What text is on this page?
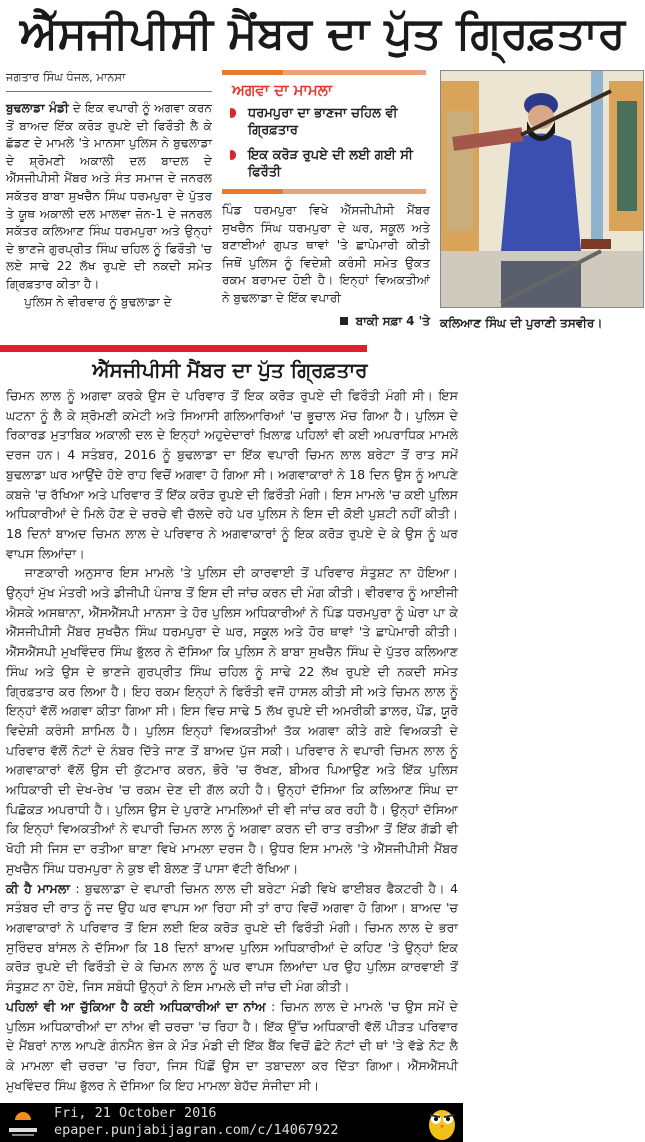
ਐੱਸਜੀਪੀਸੀ ਮੈਂਬਰ ਦਾ ਪੁੱਤ ਗ੍ਰਿਫ਼ਤਾਰ
ਜਗਤਾਰ ਸਿੰਘ ਧੰਜਲ, ਮਾਨਸਾ

ਬੁਢਲਾਡਾ ਮੰਡੀ ਦੇ ਇਕ ਵਪਾਰੀ ਨੂੰ ਅਗਵਾ ਕਰਨ ਤੋਂ ਬਾਅਦ ਇੱਕ ਕਰੋੜ ਰੁਪਏ ਦੀ ਫਿਰੌਤੀ ਲੈ ਕੇ ਛੱਡਣ ਦੇ ਮਾਮਲੇ 'ਤੇ ਮਾਨਸਾ ਪੁਲਿਸ ਨੇ ਬੁਢਲਾਡਾ ਦੇ ਸ਼੍ਰੋਮਣੀ ਅਕਾਲੀ ਦਲ ਬਾਦਲ ਦੇ ਐੱਸਜੀਪੀਸੀ ਮੈਂਬਰ ਅਤੇ ਸੰਤ ਸਮਾਜ ਦੇ ਜਨਰਲ ਸਕੱਤਰ ਬਾਬਾ ਸੁਖਚੈਨ ਸਿੰਘ ਧਰਮਪੁਰਾ ਦੇ ਪੁੱਤਰ ਤੇ ਯੂਥ ਅਕਾਲੀ ਦਲ ਮਾਲਵਾ ਜ਼ੋਨ-1 ਦੇ ਜਨਰਲ ਸਕੱਤਰ ਕਲਿਆਣ ਸਿੰਘ ਧਰਮਪੁਰਾ ਅਤੇ ਉਨ੍ਹਾਂ ਦੇ ਭਾਣਜੇ ਗੁਰਪ੍ਰੀਤ ਸਿੰਘ ਚਹਿਲ ਨੂੰ ਫਿਰੌਤੀ 'ਚ ਲਏ ਸਾਢੇ 22 ਲੱਖ ਰੁਪਏ ਦੀ ਨਕਦੀ ਸਮੇਤ ਗ੍ਰਿਫ਼ਤਾਰ ਕੀਤਾ ਹੈ।

ਪੁਲਿਸ ਨੇ ਵੀਰਵਾਰ ਨੂੰ ਬੁਢਲਾਡਾ ਦੇ

ਅਗਵਾ ਦਾ ਮਾਮਲਾ
ਧਰਮਪੁਰਾ ਦਾ ਭਾਣਜਾ ਚਹਿਲ ਵੀ ਗ੍ਰਿਫ਼ਤਾਰ
ਇਕ ਕਰੋੜ ਰੁਪਏ ਦੀ ਲਈ ਗਈ ਸੀ ਫਿਰੌਤੀ

ਪਿੰਡ ਧਰਮਪੁਰਾ ਵਿਖੇ ਐੱਸਜੀਪੀਸੀ ਮੈਂਬਰ ਸੁਖਚੈਨ ਸਿੰਘ ਧਰਮਪੁਰਾ ਦੇ ਘਰ, ਸਕੂਲ ਅਤੇ ਬਣਾਈਆਂ ਗੁਪਤ ਥਾਵਾਂ 'ਤੇ ਛਾਪੇਮਾਰੀ ਕੀਤੀ ਜਿਥੋਂ ਪੁਲਿਸ ਨੂੰ ਵਿਦੇਸ਼ੀ ਕਰੰਸੀ ਸਮੇਤ ਉਕਤ ਰਕਮ ਬਰਾਮਦ ਹੋਈ ਹੈ। ਇਨ੍ਹਾਂ ਵਿਅਕਤੀਆਂ ਨੇ ਬੁਢਲਾਡਾ ਦੇ ਇੱਕ ਵਪਾਰੀ

ਬਾਕੀ ਸਫ਼ਾ 4 'ਤੇ ਕਲਿਆਣ ਸਿੰਘ ਦੀ ਪੁਰਾਣੀ ਤਸਵੀਰ।
ਐੱਸਜੀਪੀਸੀ ਮੈਂਬਰ ਦਾ ਪੁੱਤ ਗ੍ਰਿਫ਼ਤਾਰ

ਚਿਮਨ ਲਾਲ ਨੂੰ ਅਗਵਾ ਕਰਕੇ ਉਸ ਦੇ ਪਰਿਵਾਰ ਤੋਂ ਇਕ ਕਰੋੜ ਰੁਪਏ ਦੀ ਫਿਰੌਤੀ ਮੰਗੀ ਸੀ। ਇਸ ਘਟਨਾ ਨੂੰ ਲੈ ਕੇ ਸ਼੍ਰੋਮਣੀ ਕਮੇਟੀ ਅਤੇ ਸਿਆਸੀ ਗਲਿਆਰਿਆਂ 'ਚ ਭੂਚਾਲ ਮੱਚ ਗਿਆ ਹੈ। ਪੁਲਿਸ ਦੇ ਰਿਕਾਰਡ ਮੁਤਾਬਿਕ ਅਕਾਲੀ ਦਲ ਦੇ ਇਨ੍ਹਾਂ ਅਹੁਦੇਦਾਰਾਂ ਖ਼ਿਲਾਫ਼ ਪਹਿਲਾਂ ਵੀ ਕਈ ਅਪਰਾਧਿਕ ਮਾਮਲੇ ਦਰਜ ਹਨ। 4 ਸਤੰਬਰ, 2016 ਨੂੰ ਬੁਢਲਾਡਾ ਦਾ ਇੱਕ ਵਪਾਰੀ ਚਿਮਨ ਲਾਲ ਬਰੇਟਾ ਤੋਂ ਰਾਤ ਸਮੇਂ ਬੁਢਲਾਡਾ ਘਰ ਆਉਂਦੇ ਹੋਏ ਰਾਹ ਵਿਚੋਂ ਅਗਵਾ ਹੋ ਗਿਆ ਸੀ। ਅਗਵਾਕਾਰਾਂ ਨੇ 18 ਦਿਨ ਉਸ ਨੂੰ ਆਪਣੇ ਕਬਜ਼ੇ 'ਚ ਰੱਖਿਆ ਅਤੇ ਪਰਿਵਾਰ ਤੋਂ ਇੱਕ ਕਰੋੜ ਰੁਪਏ ਦੀ ਫ਼ਿਰੌਤੀ ਮੰਗੀ। ਇਸ ਮਾਮਲੇ 'ਚ ਕਈ ਪੁਲਿਸ ਅਧਿਕਾਰੀਆਂ ਦੇ ਮਿਲੇ ਹੋਣ ਦੇ ਚਰਚੇ ਵੀ ਚੱਲਦੇ ਰਹੇ ਪਰ ਪੁਲਿਸ ਨੇ ਇਸ ਦੀ ਕੋਈ ਪੁਸ਼ਟੀ ਨਹੀਂ ਕੀਤੀ। 18 ਦਿਨਾਂ ਬਾਅਦ ਚਿਮਨ ਲਾਲ ਦੇ ਪਰਿਵਾਰ ਨੇ ਅਗਵਾਕਾਰਾਂ ਨੂੰ ਇਕ ਕਰੋੜ ਰੁਪਏ ਦੇ ਕੇ ਉਸ ਨੂੰ ਘਰ ਵਾਪਸ ਲਿਆਂਦਾ।

ਜਾਣਕਾਰੀ ਅਨੁਸਾਰ ਇਸ ਮਾਮਲੇ 'ਤੇ ਪੁਲਿਸ ਦੀ ਕਾਰਵਾਈ ਤੋਂ ਪਰਿਵਾਰ ਸੰਤੁਸ਼ਟ ਨਾ ਹੋਇਆ। ਉਨ੍ਹਾਂ ਮੁੱਖ ਮੰਤਰੀ ਅਤੇ ਡੀਜੀਪੀ ਪੰਜਾਬ ਤੋਂ ਇਸ ਦੀ ਜਾਂਚ ਕਰਨ ਦੀ ਮੰਗ ਕੀਤੀ। ਵੀਰਵਾਰ ਨੂੰ ਆਈਜੀ ਐਸਕੇ ਅਸਥਾਨਾ, ਐੱਸਐੱਸਪੀ ਮਾਨਸਾ ਤੇ ਹੋਰ ਪੁਲਿਸ ਅਧਿਕਾਰੀਆਂ ਨੇ ਪਿੰਡ ਧਰਮਪੁਰਾ ਨੂੰ ਘੇਰਾ ਪਾ ਕੇ ਐੱਸਜੀਪੀਸੀ ਮੈਂਬਰ ਸੁਖਚੈਨ ਸਿੰਘ ਧਰਮਪੁਰਾ ਦੇ ਘਰ, ਸਕੂਲ ਅਤੇ ਹੋਰ ਥਾਵਾਂ 'ਤੇ ਛਾਪੇਮਾਰੀ ਕੀਤੀ। ਐੱਸਐੱਸਪੀ ਮੁਖਵਿੰਦਰ ਸਿੰਘ ਭੁੱਲਰ ਨੇ ਦੱਸਿਆ ਕਿ ਪੁਲਿਸ ਨੇ ਬਾਬਾ ਸੁਖਚੈਨ ਸਿੰਘ ਦੇ ਪੁੱਤਰ ਕਲਿਆਣ ਸਿੰਘ ਅਤੇ ਉਸ ਦੇ ਭਾਣਜੇ ਗੁਰਪ੍ਰੀਤ ਸਿੰਘ ਚਹਿਲ ਨੂੰ ਸਾਢੇ 22 ਲੱਖ ਰੁਪਏ ਦੀ ਨਕਦੀ ਸਮੇਤ ਗ੍ਰਿਫ਼ਤਾਰ ਕਰ ਲਿਆ ਹੈ। ਇਹ ਰਕਮ ਇਨ੍ਹਾਂ ਨੇ ਫਿਰੌਤੀ ਵਜੋਂ ਹਾਸਲ ਕੀਤੀ ਸੀ ਅਤੇ ਚਿਮਨ ਲਾਲ ਨੂੰ ਇਨ੍ਹਾਂ ਵੱਲੋਂ ਅਗਵਾ ਕੀਤਾ ਗਿਆ ਸੀ। ਇਸ ਵਿਚ ਸਾਢੇ 5 ਲੱਖ ਰੁਪਏ ਦੀ ਅਮਰੀਕੀ ਡਾਲਰ, ਪੌਂਡ, ਯੂਰੋ ਵਿਦੇਸ਼ੀ ਕਰੰਸੀ ਸ਼ਾਮਿਲ ਹੈ। ਪੁਲਿਸ ਇਨ੍ਹਾਂ ਵਿਅਕਤੀਆਂ ਤੱਕ ਅਗਵਾ ਕੀਤੇ ਗਏ ਵਿਅਕਤੀ ਦੇ ਪਰਿਵਾਰ ਵੱਲੋਂ ਨੋਟਾਂ ਦੇ ਨੰਬਰ ਦਿੱਤੇ ਜਾਣ ਤੋਂ ਬਾਅਦ ਪੁੱਜ ਸਕੀ। ਪਰਿਵਾਰ ਨੇ ਵਪਾਰੀ ਚਿਮਨ ਲਾਲ ਨੂੰ ਅਗਵਾਕਾਰਾਂ ਵੱਲੋਂ ਉਸ ਦੀ ਕੁੱਟਮਾਰ ਕਰਨ, ਭੋਰੇ 'ਚ ਰੱਖਣ, ਬੀਅਰ ਪਿਆਉਣ ਅਤੇ ਇੱਕ ਪੁਲਿਸ ਅਧਿਕਾਰੀ ਦੀ ਦੇਖ-ਰੇਖ 'ਚ ਰਕਮ ਦੇਣ ਦੀ ਗੱਲ ਕਹੀ ਹੈ। ਉਨ੍ਹਾਂ ਦੱਸਿਆ ਕਿ ਕਲਿਆਣ ਸਿੰਘ ਦਾ ਪਿਛੋਕੜ ਅਪਰਾਧੀ ਹੈ। ਪੁਲਿਸ ਉਸ ਦੇ ਪੁਰਾਣੇ ਮਾਮਲਿਆਂ ਦੀ ਵੀ ਜਾਂਚ ਕਰ ਰਹੀ ਹੈ। ਉਨ੍ਹਾਂ ਦੱਸਿਆ ਕਿ ਇਨ੍ਹਾਂ ਵਿਅਕਤੀਆਂ ਨੇ ਵਪਾਰੀ ਚਿਮਨ ਲਾਲ ਨੂੰ ਅਗਵਾ ਕਰਨ ਦੀ ਰਾਤ ਰਤੀਆ ਤੋਂ ਇੱਕ ਗੱਡੀ ਵੀ ਖੋਹੀ ਸੀ ਜਿਸ ਦਾ ਰਤੀਆ ਥਾਣਾ ਵਿਖੇ ਮਾਮਲਾ ਦਰਜ ਹੈ। ਉਧਰ ਇਸ ਮਾਮਲੇ 'ਤੇ ਐੱਸਜੀਪੀਸੀ ਮੈਂਬਰ ਸੁਖਚੈਨ ਸਿੰਘ ਧਰਮਪੁਰਾ ਨੇ ਕੁਝ ਵੀ ਬੋਲਣ ਤੋਂ ਪਾਸਾ ਵੱਟੀ ਰੱਖਿਆ।

ਕੀ ਹੈ ਮਾਮਲਾ : ਬੁਢਲਾਡਾ ਦੇ ਵਪਾਰੀ ਚਿਮਨ ਲਾਲ ਦੀ ਬਰੇਟਾ ਮੰਡੀ ਵਿਖੇ ਫਾਈਬਰ ਫੈਕਟਰੀ ਹੈ। 4 ਸਤੰਬਰ ਦੀ ਰਾਤ ਨੂੰ ਜਦ ਉਹ ਘਰ ਵਾਪਸ ਆ ਰਿਹਾ ਸੀ ਤਾਂ ਰਾਹ ਵਿਚੋਂ ਅਗਵਾ ਹੋ ਗਿਆ। ਬਾਅਦ 'ਚ ਅਗਵਾਕਾਰਾਂ ਨੇ ਪਰਿਵਾਰ ਤੋਂ ਇਸ ਲਈ ਇਕ ਕਰੋੜ ਰੁਪਏ ਦੀ ਫਿਰੌਤੀ ਮੰਗੀ। ਚਿਮਨ ਲਾਲ ਦੇ ਭਰਾ ਸੁਰਿੰਦਰ ਬਾਂਸਲ ਨੇ ਦੱਸਿਆ ਕਿ 18 ਦਿਨਾਂ ਬਾਅਦ ਪੁਲਿਸ ਅਧਿਕਾਰੀਆਂ ਦੇ ਕਹਿਣ 'ਤੇ ਉਨ੍ਹਾਂ ਇਕ ਕਰੋੜ ਰੁਪਏ ਦੀ ਫਿਰੌਤੀ ਦੇ ਕੇ ਚਿਮਨ ਲਾਲ ਨੂੰ ਘਰ ਵਾਪਸ ਲਿਆਂਦਾ ਪਰ ਉਹ ਪੁਲਿਸ ਕਾਰਵਾਈ ਤੋਂ ਸੰਤੁਸ਼ਟ ਨਾ ਹੋਏ, ਜਿਸ ਸਬੰਧੀ ਉਨ੍ਹਾਂ ਨੇ ਇਸ ਮਾਮਲੇ ਦੀ ਜਾਂਚ ਦੀ ਮੰਗ ਕੀਤੀ।

ਪਹਿਲਾਂ ਵੀ ਆ ਚੁੱਕਿਆ ਹੈ ਕਈ ਅਧਿਕਾਰੀਆਂ ਦਾ ਨਾਂਅ : ਚਿਮਨ ਲਾਲ ਦੇ ਮਾਮਲੇ 'ਚ ਉਸ ਸਮੇਂ ਦੇ ਪੁਲਿਸ ਅਧਿਕਾਰੀਆਂ ਦਾ ਨਾਂਅ ਵੀ ਚਰਚਾ 'ਚ ਰਿਹਾ ਹੈ। ਇੱਕ ਉੱਚ ਅਧਿਕਾਰੀ ਵੱਲੋਂ ਪੀੜਤ ਪਰਿਵਾਰ ਦੇ ਮੈਂਬਰਾਂ ਨਾਲ ਆਪਣੇ ਗੰਨਮੈਨ ਭੇਜ ਕੇ ਮੌੜ ਮੰਡੀ ਦੀ ਇੱਕ ਬੈਂਕ ਵਿਚੋਂ ਛੋਟੇ ਨੋਟਾਂ ਦੀ ਥਾਂ 'ਤੇ ਵੱਡੇ ਨੋਟ ਲੈ ਕੇ ਮਾਮਲਾ ਵੀ ਚਰਚਾ 'ਚ ਰਿਹਾ, ਜਿਸ ਪਿੱਛੋਂ ਉਸ ਦਾ ਤਬਾਦਲਾ ਕਰ ਦਿੱਤਾ ਗਿਆ। ਐੱਸਐੱਸਪੀ ਮੁਖਵਿੰਦਰ ਸਿੰਘ ਭੁੱਲਰ ਨੇ ਦੱਸਿਆ ਕਿ ਇਹ ਮਾਮਲਾ ਬੇਹੱਦ ਸੰਜੀਦਾ ਸੀ।

Fri, 21 October 2016
epaper.punjabijagran.com/c/14067922
